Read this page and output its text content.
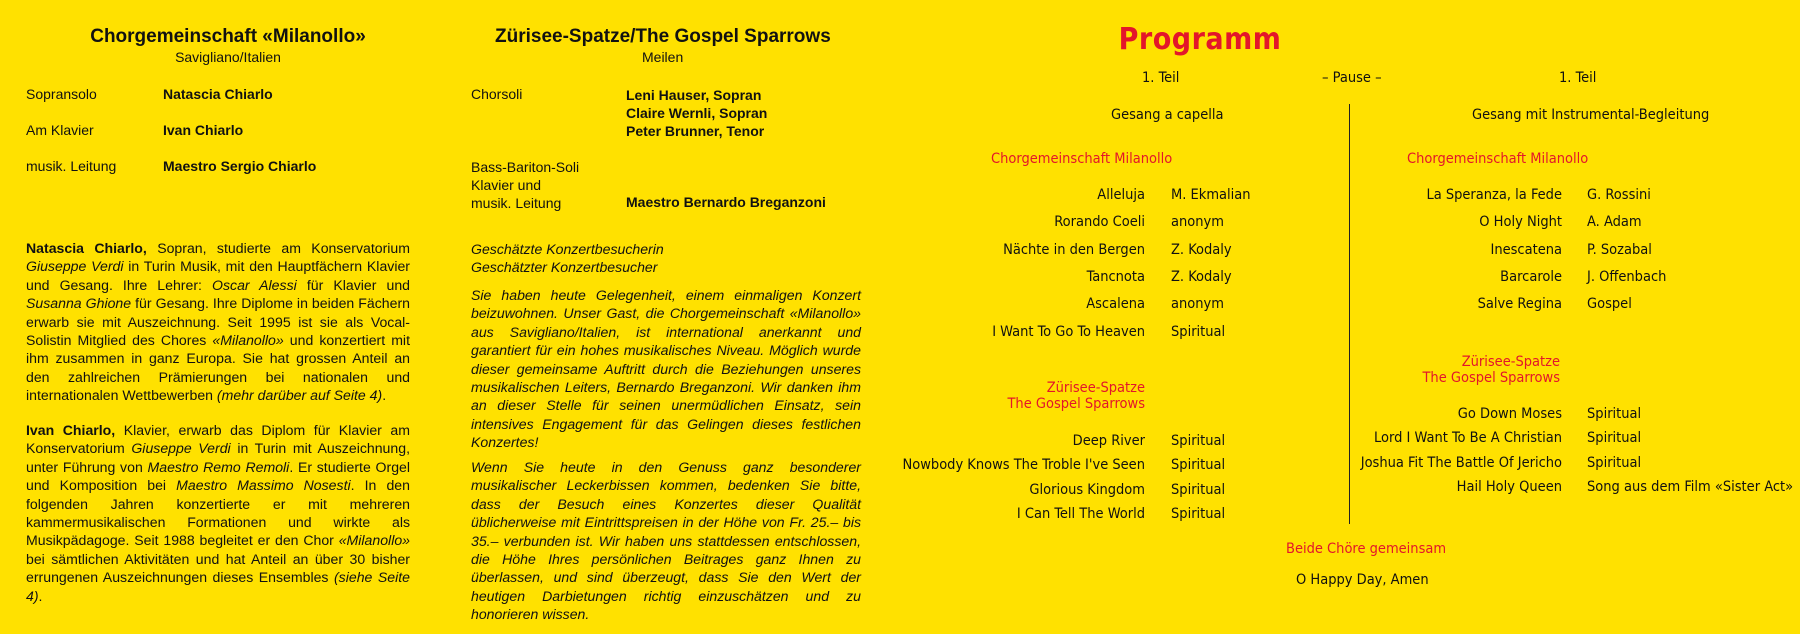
Chorgemeinschaft «Milanollo»
Savigliano/Italien
Sopransolo	Natascia Chiarlo
Am Klavier	Ivan Chiarlo
musik. Leitung	Maestro Sergio Chiarlo
Natascia Chiarlo, Sopran, studierte am Konservatorium Giuseppe Verdi in Turin Musik, mit den Hauptfächern Klavier und Gesang. Ihre Lehrer: Oscar Alessi für Klavier und Susanna Ghione für Gesang. Ihre Diplome in beiden Fächern erwarb sie mit Auszeichnung. Seit 1995 ist sie als Vocal-Solistin Mitglied des Chores «Milanollo» und konzertiert mit ihm zusammen in ganz Europa. Sie hat grossen Anteil an den zahlreichen Prämierungen bei nationalen und internationalen Wettbewerben (mehr darüber auf Seite 4).
Ivan Chiarlo, Klavier, erwarb das Diplom für Klavier am Konservatorium Giuseppe Verdi in Turin mit Auszeichnung, unter Führung von Maestro Remo Remoli. Er studierte Orgel und Komposition bei Maestro Massimo Nosesti. In den folgenden Jahren konzertierte er mit mehreren kammermusikalischen Formationen und wirkte als Musikpädagoge. Seit 1988 begleitet er den Chor «Milanollo» bei sämtlichen Aktivitäten und hat Anteil an über 30 bisher errungenen Auszeichnungen dieses Ensembles (siehe Seite 4).
Zürisee-Spatze/The Gospel Sparrows
Meilen
Chorsoli	Leni Hauser, Sopran
Claire Wernli, Sopran
Peter Brunner, Tenor
Bass-Bariton-Soli
Klavier und
musik. Leitung	Maestro Bernardo Breganzoni
Geschätzte Konzertbesucherin
Geschätzter Konzertbesucher
Sie haben heute Gelegenheit, einem einmaligen Konzert beizuwohnen. Unser Gast, die Chorgemeinschaft «Milanollo» aus Savigliano/Italien, ist international anerkannt und garantiert für ein hohes musikalisches Niveau. Möglich wurde dieser gemeinsame Auftritt durch die Beziehungen unseres musikalischen Leiters, Bernardo Breganzoni. Wir danken ihm an dieser Stelle für seinen unermüdlichen Einsatz, sein intensives Engagement für das Gelingen dieses festlichen Konzertes!
Wenn Sie heute in den Genuss ganz besonderer musikalischer Leckerbissen kommen, bedenken Sie bitte, dass der Besuch eines Konzertes dieser Qualität üblicherweise mit Eintrittspreisen in der Höhe von Fr. 25.– bis 35.– verbunden ist. Wir haben uns stattdessen entschlossen, die Höhe Ihres persönlichen Beitrages ganz Ihnen zu überlassen, und sind überzeugt, dass Sie den Wert der heutigen Darbietungen richtig einzuschätzen und zu honorieren wissen.
Programm
1. Teil	– Pause –	1. Teil
Gesang a capella	Gesang mit Instrumental-Begleitung
Chorgemeinschaft Milanollo
Alleluja M. Ekmalian
Rorando Coeli anonym
Nächte in den Bergen Z. Kodaly
Tancnota Z. Kodaly
Ascalena anonym
I Want To Go To Heaven Spiritual
Zürisee-Spatze
The Gospel Sparrows
Deep River Spiritual
Nowbody Knows The Troble I've Seen Spiritual
Glorious Kingdom Spiritual
I Can Tell The World Spiritual
Chorgemeinschaft Milanollo
La Speranza, la Fede G. Rossini
O Holy Night A. Adam
Inescatena P. Sozabal
Barcarole J. Offenbach
Salve Regina Gospel
Zürisee-Spatze
The Gospel Sparrows
Go Down Moses Spiritual
Lord I Want To Be A Christian Spiritual
Joshua Fit The Battle Of Jericho Spiritual
Hail Holy Queen Song aus dem Film «Sister Act»
Beide Chöre gemeinsam
O Happy Day, Amen
